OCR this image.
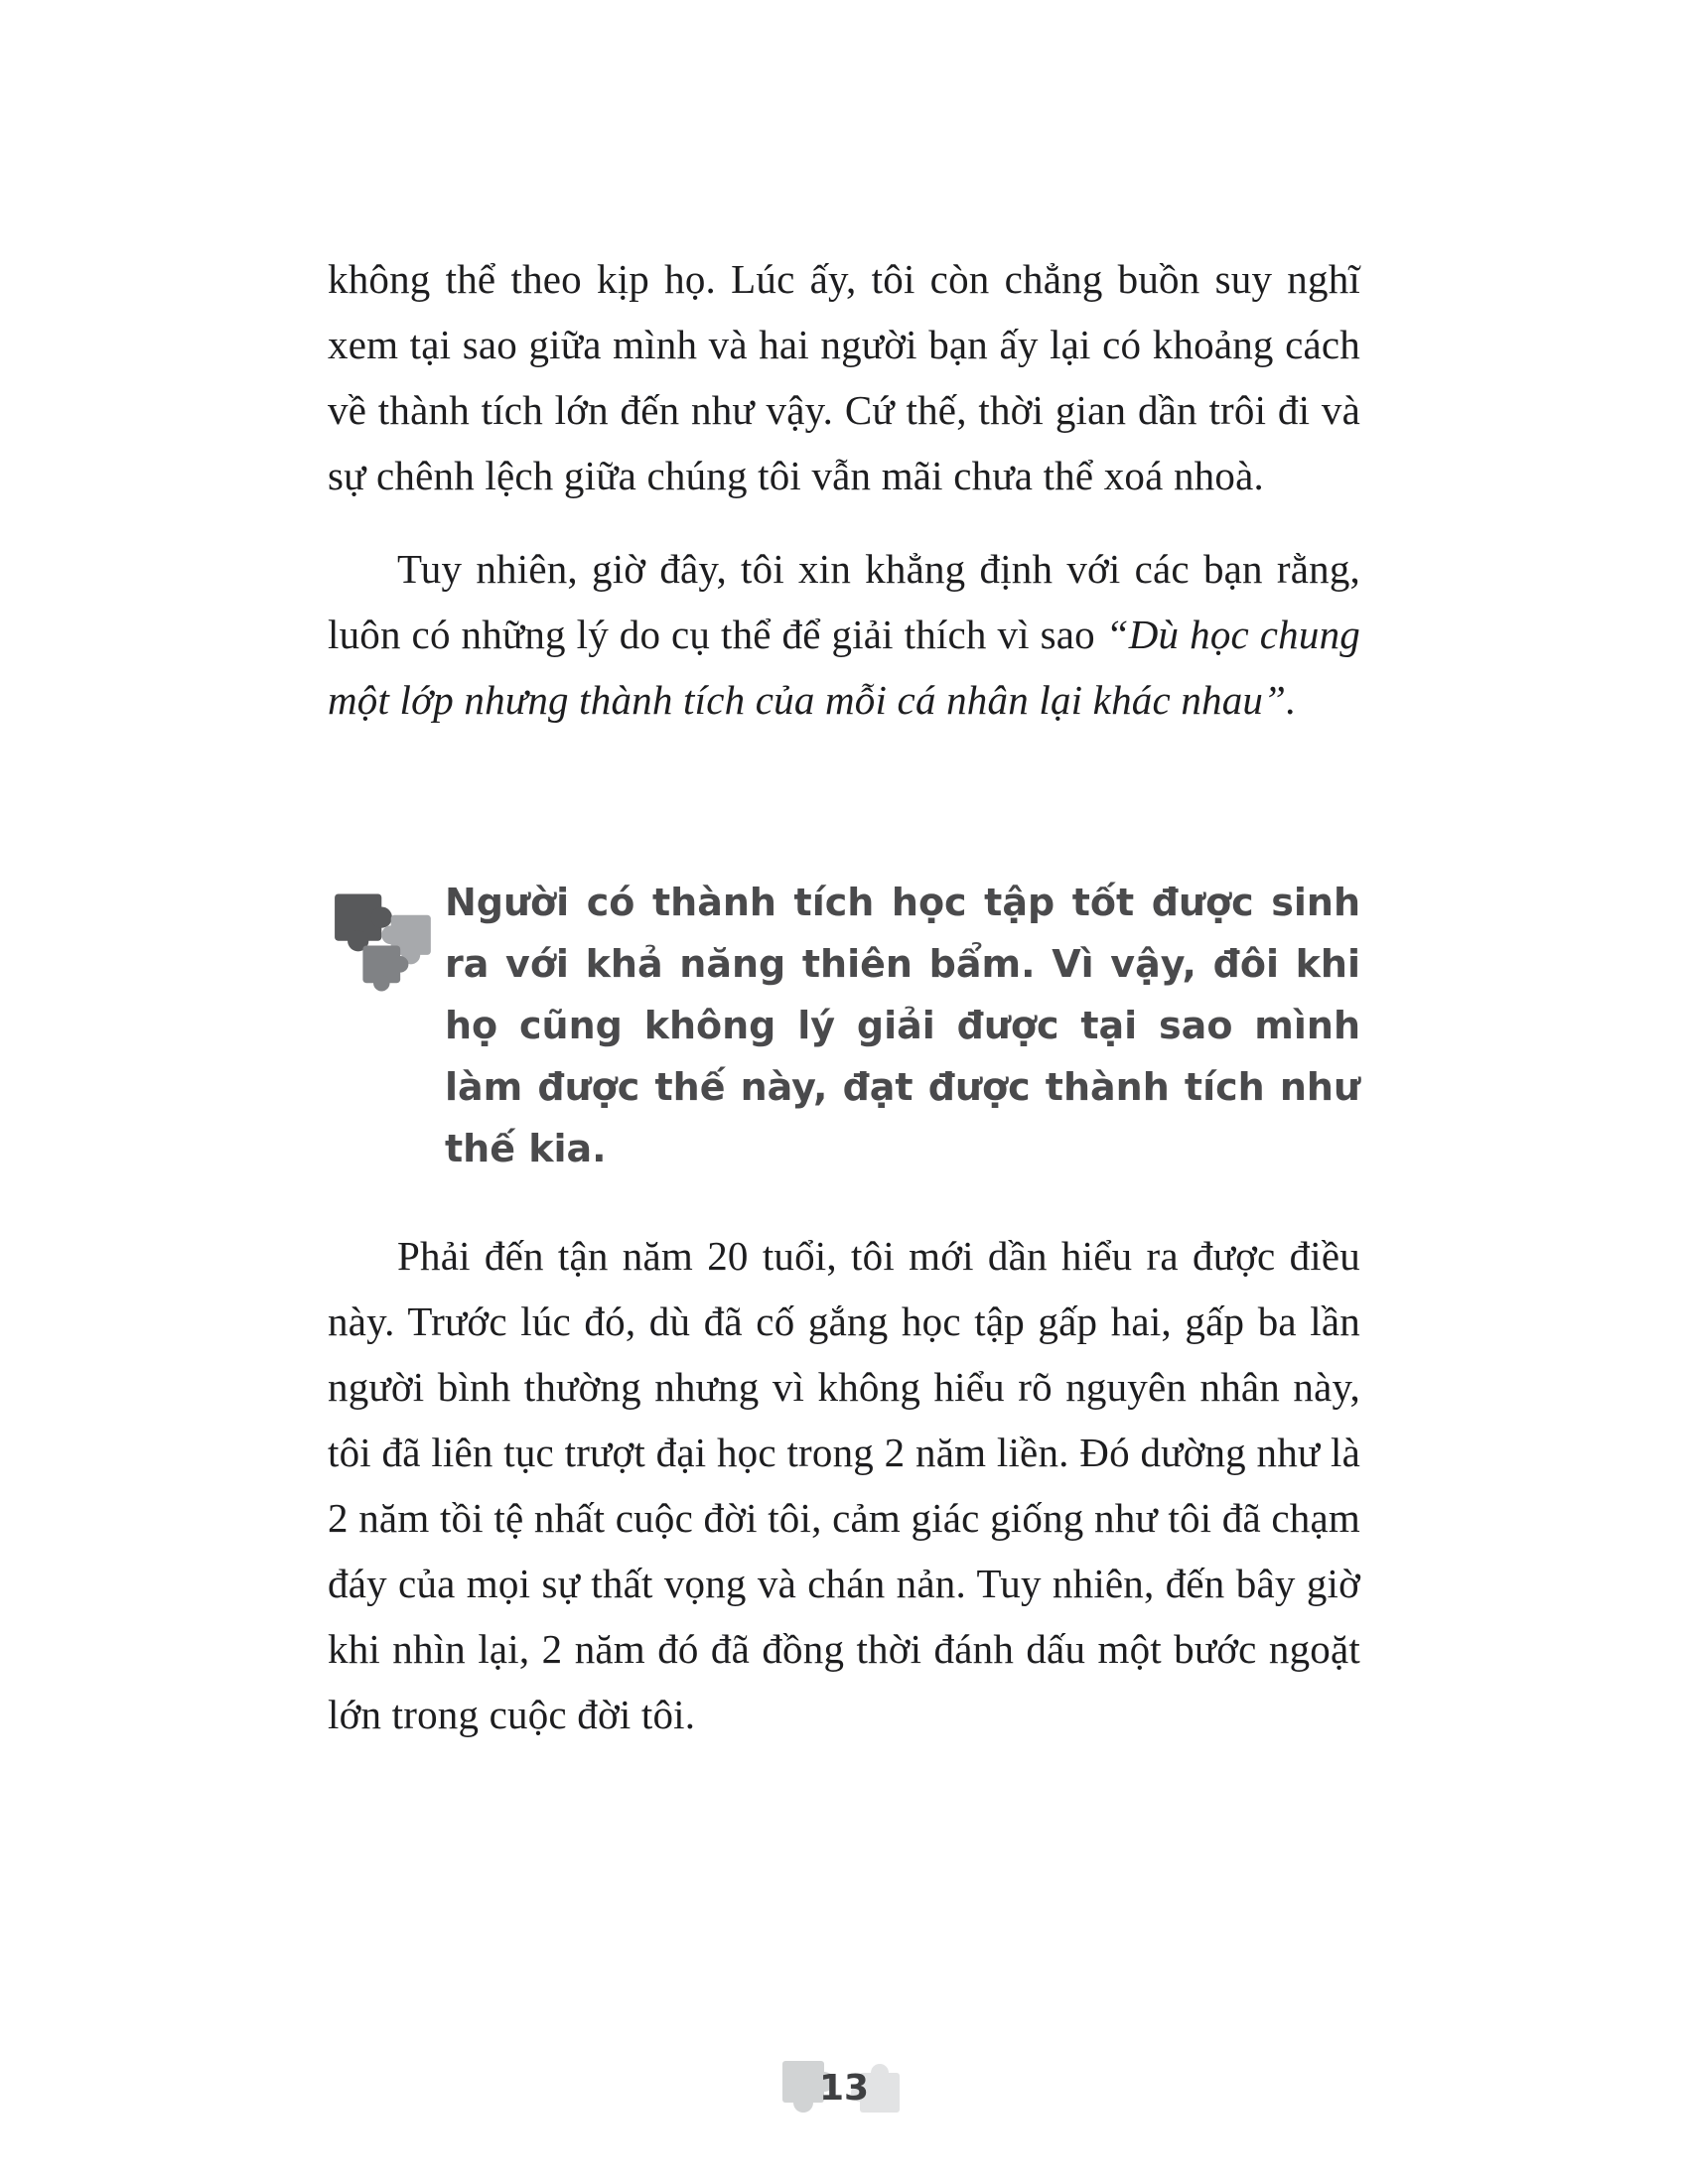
không thể theo kịp họ. Lúc ấy, tôi còn chẳng buồn suy nghĩ xem tại sao giữa mình và hai người bạn ấy lại có khoảng cách về thành tích lớn đến như vậy. Cứ thế, thời gian dần trôi đi và sự chênh lệch giữa chúng tôi vẫn mãi chưa thể xoá nhoà.

Tuy nhiên, giờ đây, tôi xin khẳng định với các bạn rằng, luôn có những lý do cụ thể để giải thích vì sao “Dù học chung một lớp nhưng thành tích của mỗi cá nhân lại khác nhau”.

Người có thành tích học tập tốt được sinh ra với khả năng thiên bẩm. Vì vậy, đôi khi họ cũng không lý giải được tại sao mình làm được thế này, đạt được thành tích như thế kia.

Phải đến tận năm 20 tuổi, tôi mới dần hiểu ra được điều này. Trước lúc đó, dù đã cố gắng học tập gấp hai, gấp ba lần người bình thường nhưng vì không hiểu rõ nguyên nhân này, tôi đã liên tục trượt đại học trong 2 năm liền. Đó dường như là 2 năm tồi tệ nhất cuộc đời tôi, cảm giác giống như tôi đã chạm đáy của mọi sự thất vọng và chán nản. Tuy nhiên, đến bây giờ khi nhìn lại, 2 năm đó đã đồng thời đánh dấu một bước ngoặt lớn trong cuộc đời tôi.

13
